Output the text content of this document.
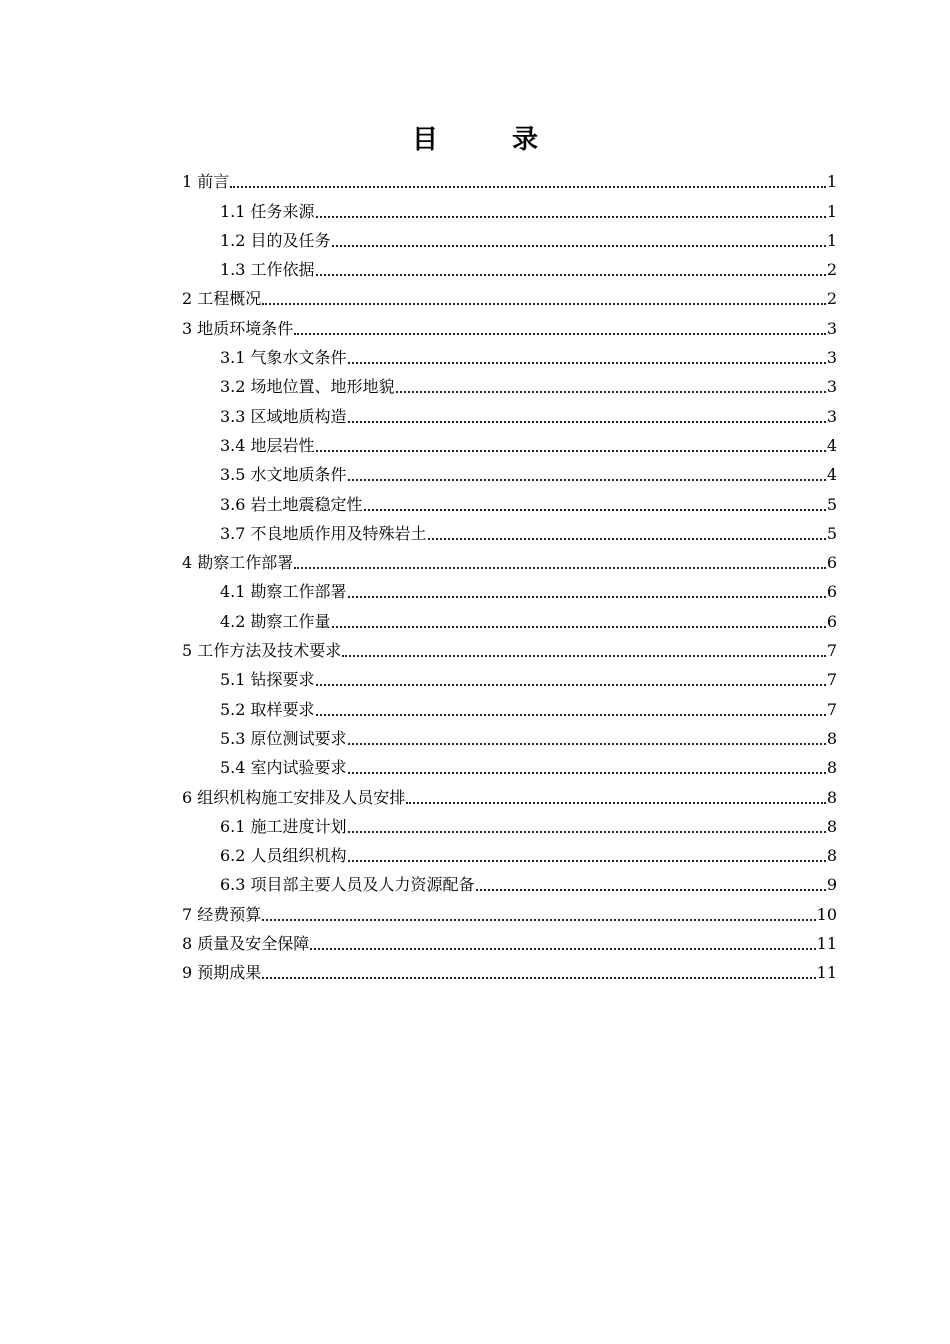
目　录
1 前言	1
1.1 任务来源	1
1.2 目的及任务	1
1.3 工作依据	2
2 工程概况	2
3 地质环境条件	3
3.1 气象水文条件	3
3.2 场地位置、地形地貌	3
3.3 区域地质构造	3
3.4 地层岩性	4
3.5 水文地质条件	4
3.6 岩土地震稳定性	5
3.7 不良地质作用及特殊岩土	5
4 勘察工作部署	6
4.1 勘察工作部署	6
4.2 勘察工作量	6
5 工作方法及技术要求	7
5.1 钻探要求	7
5.2 取样要求	7
5.3 原位测试要求	8
5.4 室内试验要求	8
6 组织机构施工安排及人员安排	8
6.1 施工进度计划	8
6.2 人员组织机构	8
6.3 项目部主要人员及人力资源配备	9
7 经费预算	10
8 质量及安全保障	11
9 预期成果	11
